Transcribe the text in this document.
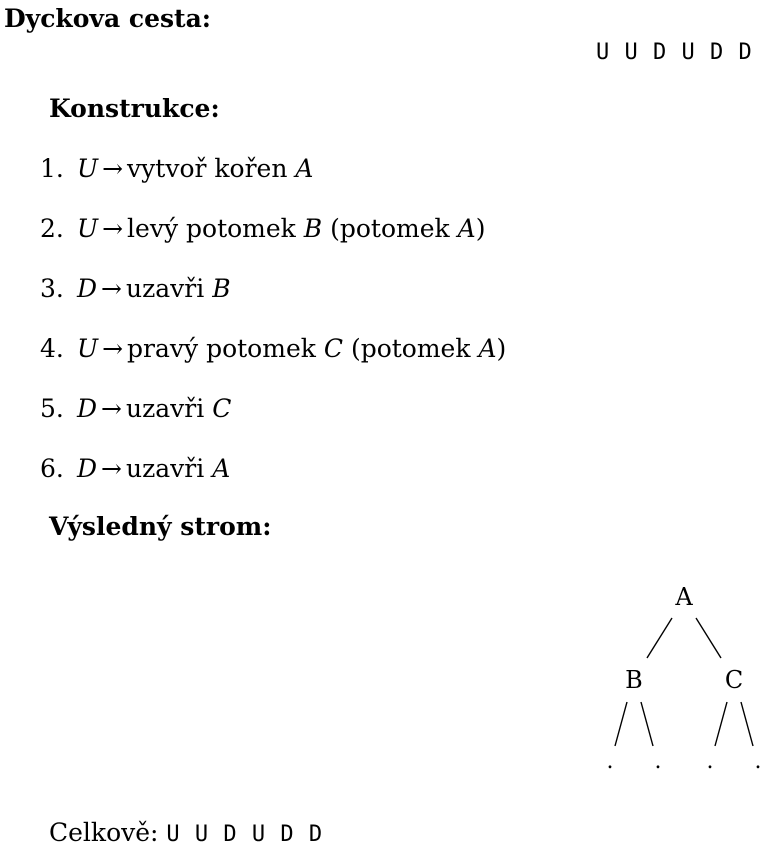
Dyckova cesta:
U U D U D D
Konstrukce:
1. U → vytvoř kořen A
2. U → levý potomek B (potomek A)
3. D → uzavři B
4. U → pravý potomek C (potomek A)
5. D → uzavři C
6. D → uzavři A
Výsledný strom:
A
B	C
. . . .
Celkově: U U D U D D
